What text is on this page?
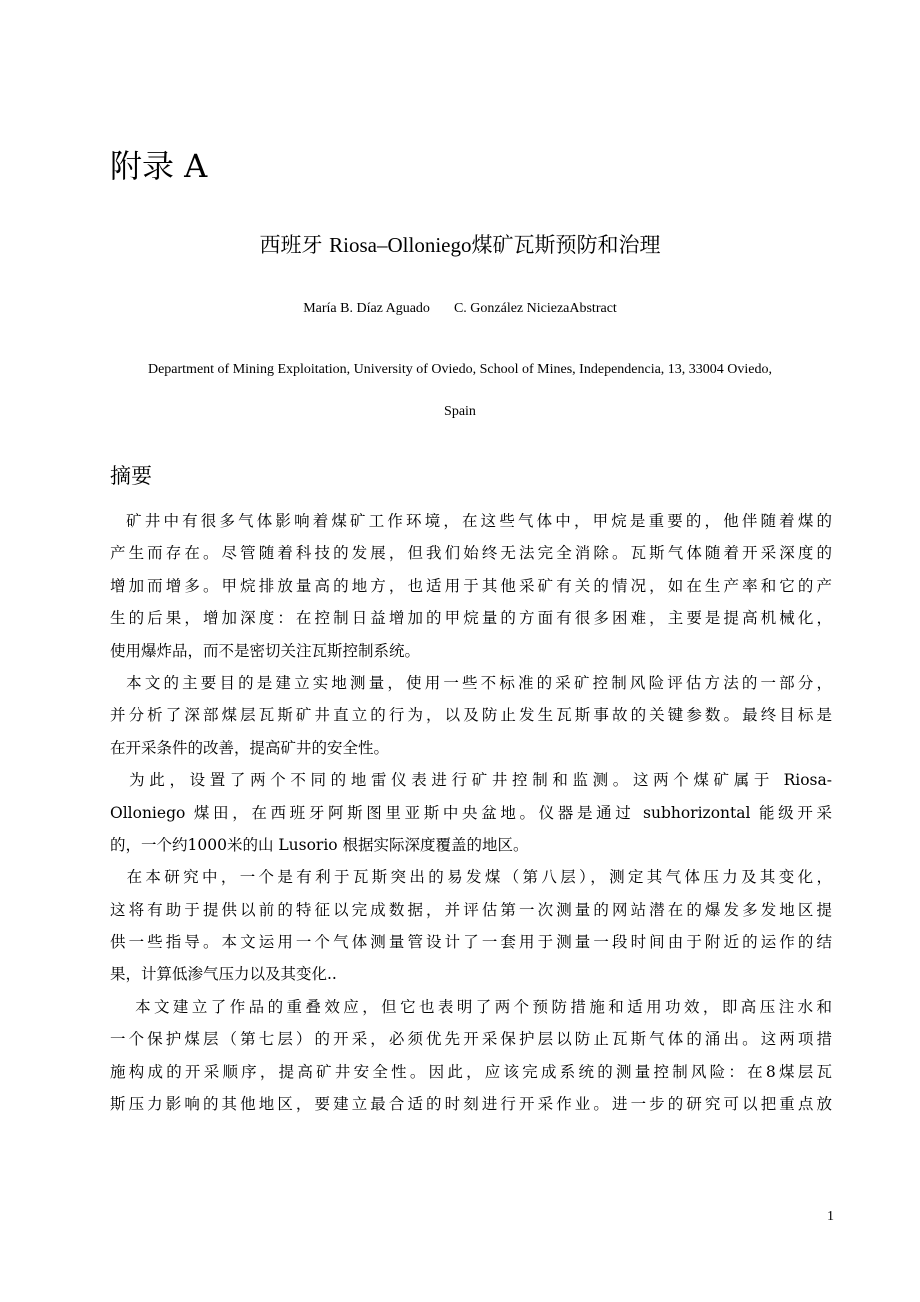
附录 A
西班牙 Riosa–Olloniego煤矿瓦斯预防和治理
María B. Díaz Aguado C. González NiciezaAbstract
Department of Mining Exploitation, University of Oviedo, School of Mines, Independencia, 13, 33004 Oviedo,
Spain
摘要
矿井中有很多气体影响着煤矿工作环境，在这些气体中，甲烷是重要的，他伴随着煤的
产生而存在。尽管随着科技的发展，但我们始终无法完全消除。瓦斯气体随着开采深度的
增加而增多。甲烷排放量高的地方，也适用于其他采矿有关的情况，如在生产率和它的产
生的后果，增加深度：在控制日益增加的甲烷量的方面有很多困难，主要是提高机械化，
使用爆炸品，而不是密切关注瓦斯控制系统。
本文的主要目的是建立实地测量，使用一些不标准的采矿控制风险评估方法的一部分，
并分析了深部煤层瓦斯矿井直立的行为，以及防止发生瓦斯事故的关键参数。最终目标是
在开采条件的改善，提高矿井的安全性。
为此，设置了两个不同的地雷仪表进行矿井控制和监测。这两个煤矿属于 Riosa-
Olloniego 煤田，在西班牙阿斯图里亚斯中央盆地。仪器是通过 subhorizontal 能级开采
的，一个约1000米的山 Lusorio 根据实际深度覆盖的地区。
在本研究中，一个是有利于瓦斯突出的易发煤（第八层），测定其气体压力及其变化，
这将有助于提供以前的特征以完成数据，并评估第一次测量的网站潜在的爆发多发地区提
供一些指导。本文运用一个气体测量管设计了一套用于测量一段时间由于附近的运作的结
果，计算低渗气压力以及其变化..
本文建立了作品的重叠效应，但它也表明了两个预防措施和适用功效，即高压注水和
一个保护煤层（第七层）的开采，必须优先开采保护层以防止瓦斯气体的涌出。这两项措
施构成的开采顺序，提高矿井安全性。因此，应该完成系统的测量控制风险：在8煤层瓦
斯压力影响的其他地区，要建立最合适的时刻进行开采作业。进一步的研究可以把重点放
1
